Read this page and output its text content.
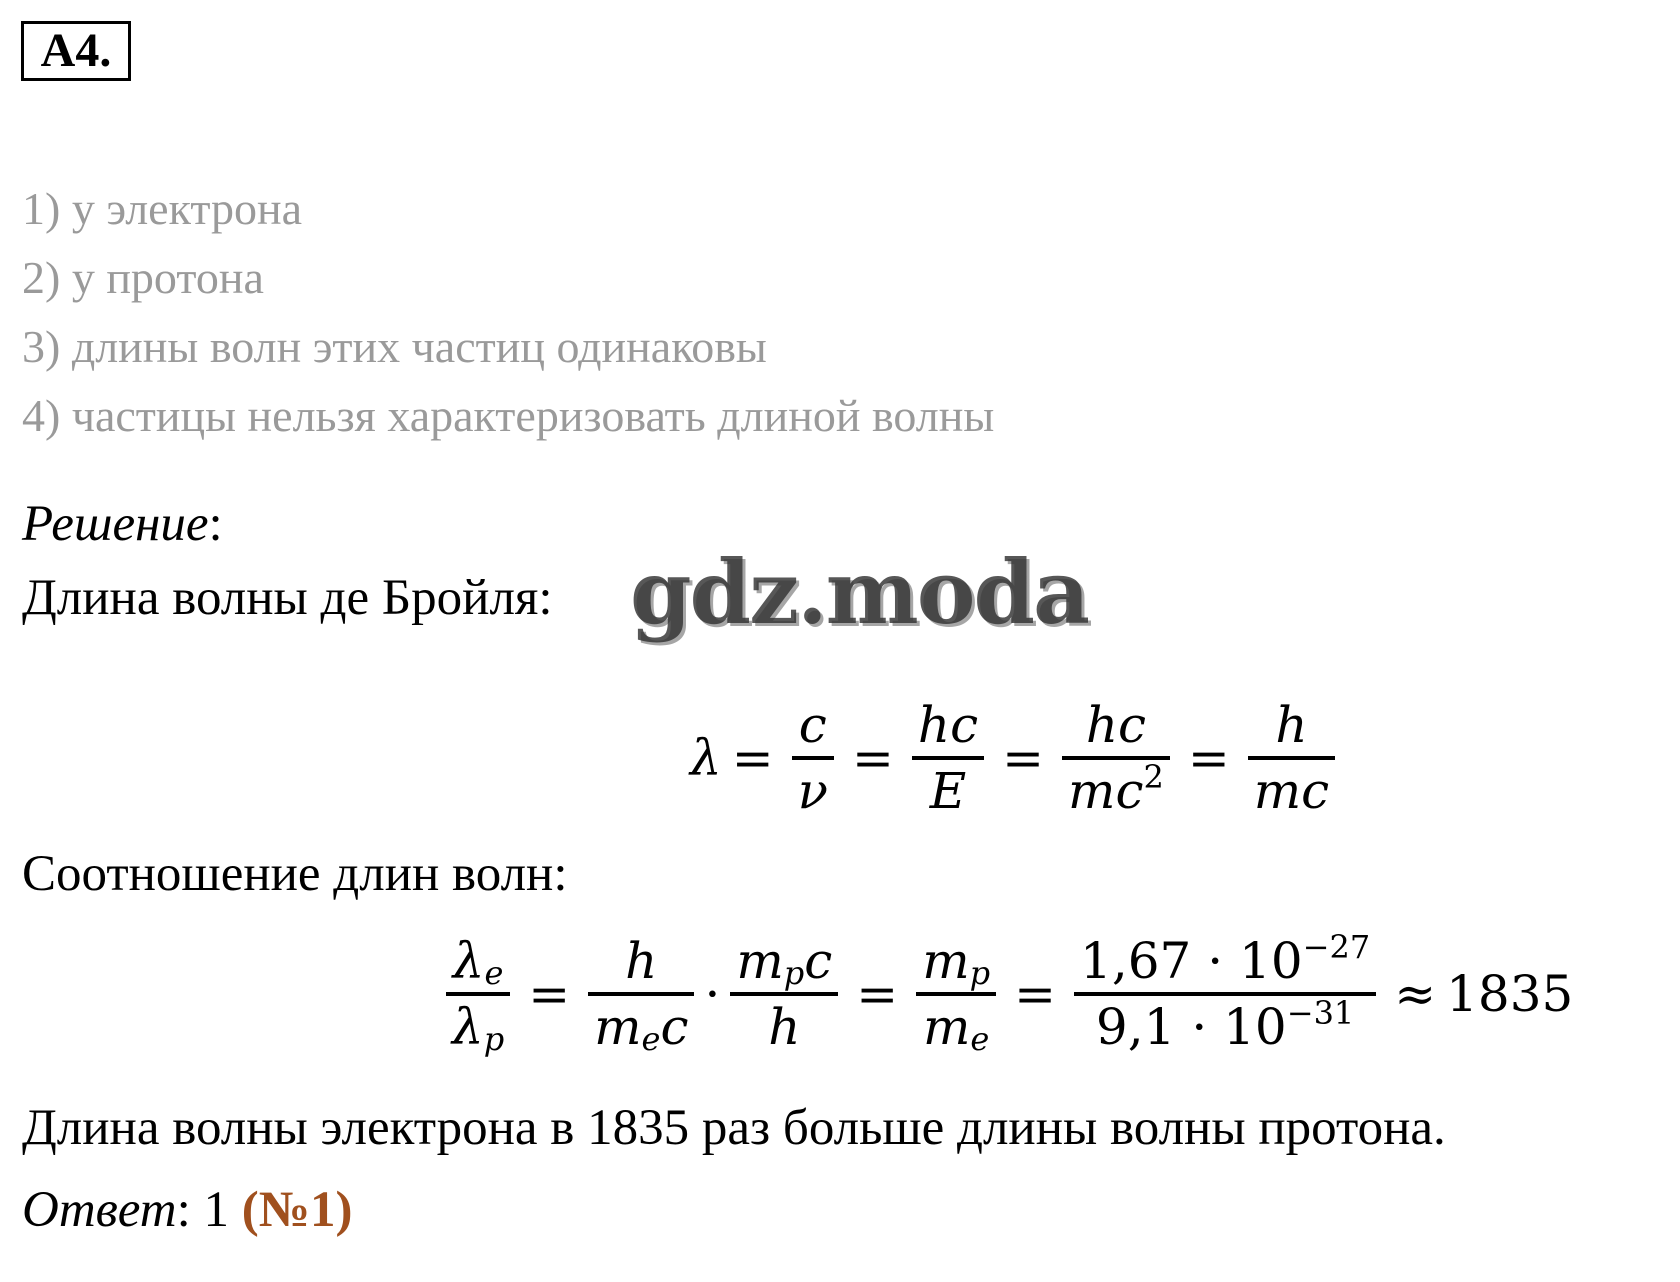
A4.
1) у электрона
2) у протона
3) длины волн этих частиц одинаковы
4) частицы нельзя характеризовать длиной волны
Решение:
Длина волны де Бройля: gdz.moda
$\lambda = \frac{c}{\nu} = \frac{hc}{E} = \frac{hc}{mc^2} = \frac{h}{mc}$
Соотношение длин волн:
$\frac{\lambda_e}{\lambda_p} = \frac{h}{m_ec} \cdot \frac{m_pc}{h} = \frac{m_p}{m_e} = \frac{1,67 \cdot 10^{-27}}{9,1 \cdot 10^{-31}} \approx 1835$
Длина волны электрона в 1835 раз больше длины волны протона.
Ответ: 1 (№1)
